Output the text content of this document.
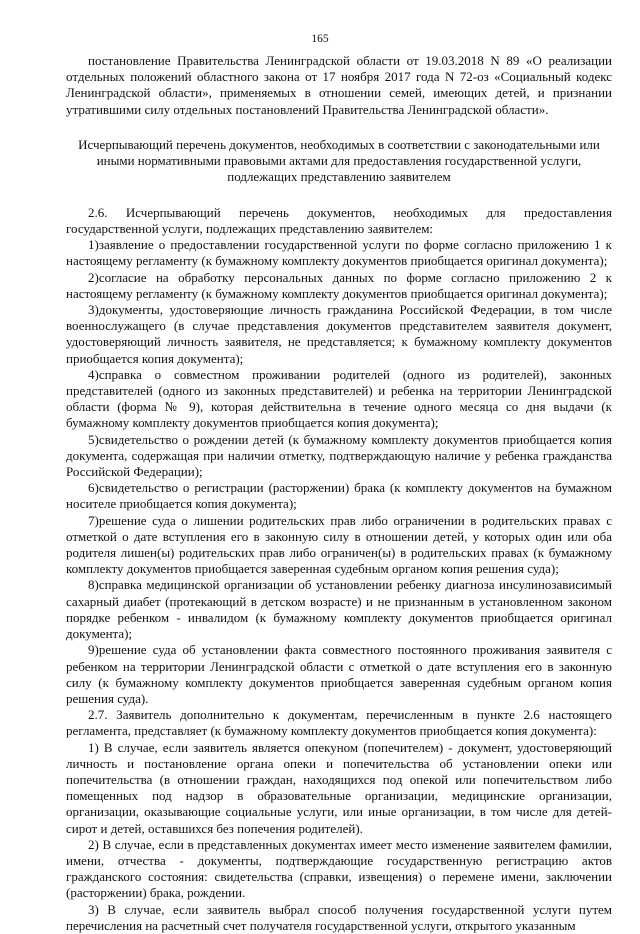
165

постановление Правительства Ленинградской области от 19.03.2018 N 89 «О реализации отдельных положений областного закона от 17 ноября 2017 года N 72-оз «Социальный кодекс Ленинградской области», применяемых в отношении семей, имеющих детей, и признании утратившими силу отдельных постановлений Правительства Ленинградской области».

Исчерпывающий перечень документов, необходимых в соответствии с законодательными или иными нормативными правовыми актами для предоставления государственной услуги, подлежащих представлению заявителем

2.6. Исчерпывающий перечень документов, необходимых для предоставления государственной услуги, подлежащих представлению заявителем:

1)заявление о предоставлении государственной услуги по форме согласно приложению 1 к настоящему регламенту (к бумажному комплекту документов приобщается оригинал документа);

2)согласие на обработку персональных данных по форме согласно приложению 2 к настоящему регламенту (к бумажному комплекту документов приобщается оригинал документа);

3)документы, удостоверяющие личность гражданина Российской Федерации, в том числе военнослужащего (в случае представления документов представителем заявителя документ, удостоверяющий личность заявителя, не представляется; к бумажному комплекту документов приобщается копия документа);

4)справка о совместном проживании родителей (одного из родителей), законных представителей (одного из законных представителей) и ребенка на территории Ленинградской области (форма № 9), которая действительна в течение одного месяца со дня выдачи (к бумажному комплекту документов приобщается копия документа);

5)свидетельство о рождении детей (к бумажному комплекту документов приобщается копия документа, содержащая при наличии отметку, подтверждающую наличие у ребенка гражданства Российской Федерации);

6)свидетельство о регистрации (расторжении) брака (к комплекту документов на бумажном носителе приобщается копия документа);

7)решение суда о лишении родительских прав либо ограничении в родительских правах с отметкой о дате вступления его в законную силу в отношении детей, у которых один или оба родителя лишен(ы) родительских прав либо ограничен(ы) в родительских правах (к бумажному комплекту документов приобщается заверенная судебным органом копия решения суда);

8)справка медицинской организации об установлении ребенку диагноза инсулинозависимый сахарный диабет (протекающий в детском возрасте) и не признанным в установленном законом порядке ребенком - инвалидом (к бумажному комплекту документов приобщается оригинал документа);

9)решение суда об установлении факта совместного постоянного проживания заявителя с ребенком на территории Ленинградской области с отметкой о дате вступления его в законную силу (к бумажному комплекту документов приобщается заверенная судебным органом копия решения суда).

2.7. Заявитель дополнительно к документам, перечисленным в пункте 2.6 настоящего регламента, представляет (к бумажному комплекту документов приобщается копия документа):

1) В случае, если заявитель является опекуном (попечителем) - документ, удостоверяющий личность и постановление органа опеки и попечительства об установлении опеки или попечительства (в отношении граждан, находящихся под опекой или попечительством либо помещенных под надзор в образовательные организации, медицинские организации, организации, оказывающие социальные услуги, или иные организации, в том числе для детей-сирот и детей, оставшихся без попечения родителей).

2) В случае, если в представленных документах имеет место изменение заявителем фамилии, имени, отчества - документы, подтверждающие государственную регистрацию актов гражданского состояния: свидетельства (справки, извещения) о перемене имени, заключении (расторжении) брака, рождении.

3) В случае, если заявитель выбрал способ получения государственной услуги путем перечисления на расчетный счет получателя государственной услуги, открытого указанным
